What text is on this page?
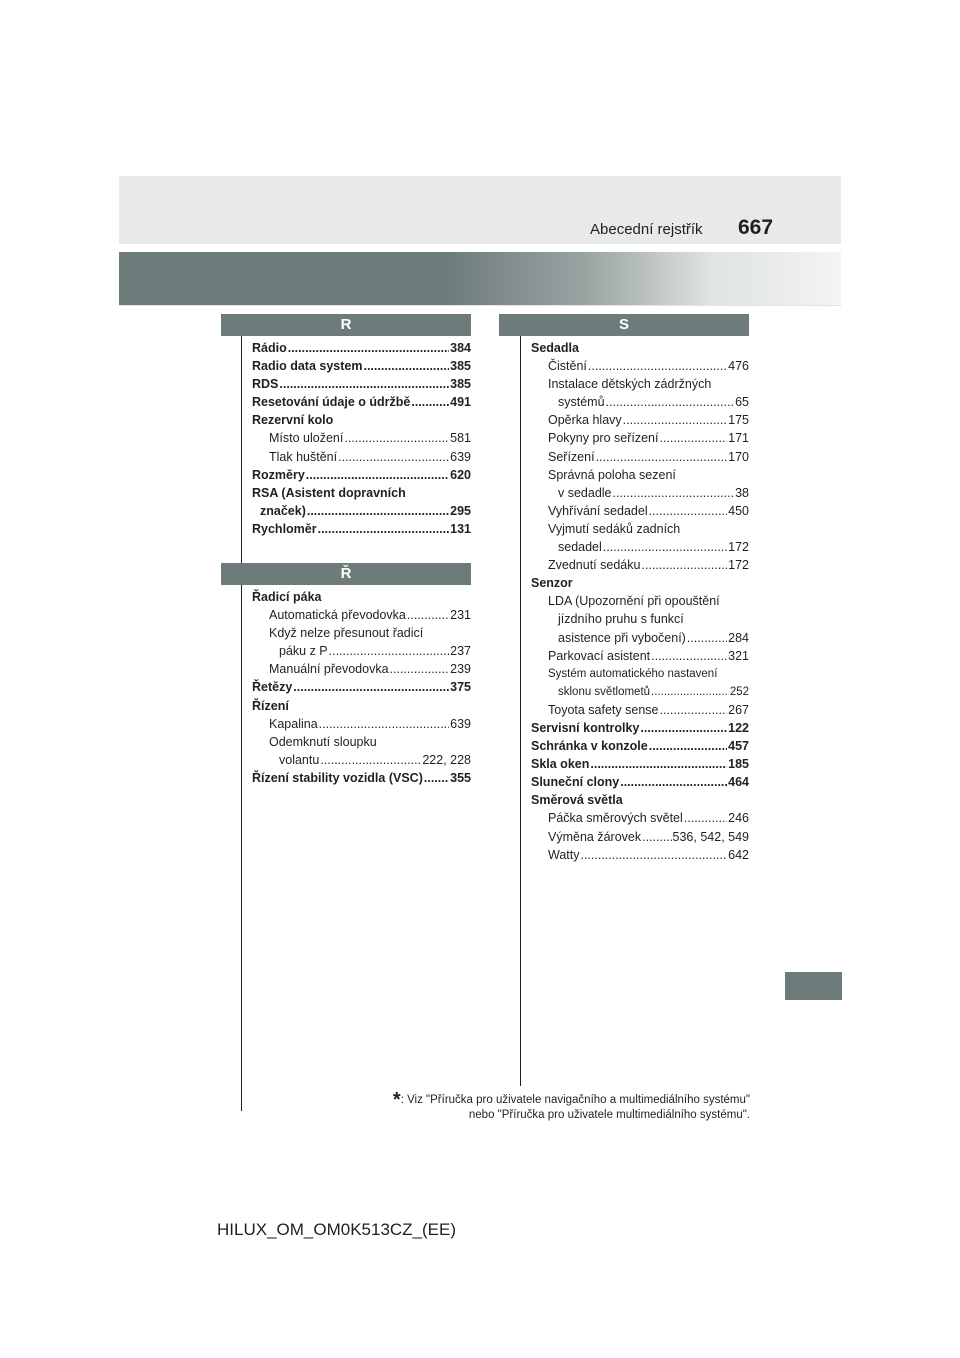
Abecední rejstřík 667
R
Rádio .....	384
Radio data system .....	385
RDS .....	385
Resetování údaje o údržbě .....	491
Rezervní kolo
Místo uložení .....	581
Tlak huštění .....	639
Rozměry .....	620
RSA (Asistent dopravních
značek) .....	295
Rychloměr .....	131
Ř
Řadicí páka
Automatická převodovka .....	231
Když nelze přesunout řadicí
páku z P .....	237
Manuální převodovka .....	239
Řetězy .....	375
Řízení
Kapalina .....	639
Odemknutí sloupku
volantu .....	222, 228
Řízení stability vozidla (VSC) ..... 355
S
Sedadla
Čistění .....	476
Instalace dětských zádržných
systémů .....	65
Opěrka hlavy .....	175
Pokyny pro seřízení .....	171
Seřízení .....	170
Správná poloha sezení
v sedadle .....	38
Vyhřívání sedadel .....	450
Vyjmutí sedáků zadních
sedadel .....	172
Zvednutí sedáku .....	172
Senzor
LDA (Upozornění při opouštění
jízdního pruhu s funkcí
asistence při vybočení) .....	284
Parkovací asistent .....	321
Systém automatického nastavení
sklonu světlometů .....	252
Toyota safety sense .....	267
Servisní kontrolky .....	122
Schránka v konzole .....	457
Skla oken .....	185
Sluneční clony .....	464
Směrová světla
Páčka směrových světel .....	246
Výměna žárovek .....	536, 542, 549
Watty .....	642
*: Viz "Příručka pro uživatele navigačního a multimediálního systému"
nebo "Příručka pro uživatele multimediálního systému".
HILUX_OM_OM0K513CZ_(EE)
